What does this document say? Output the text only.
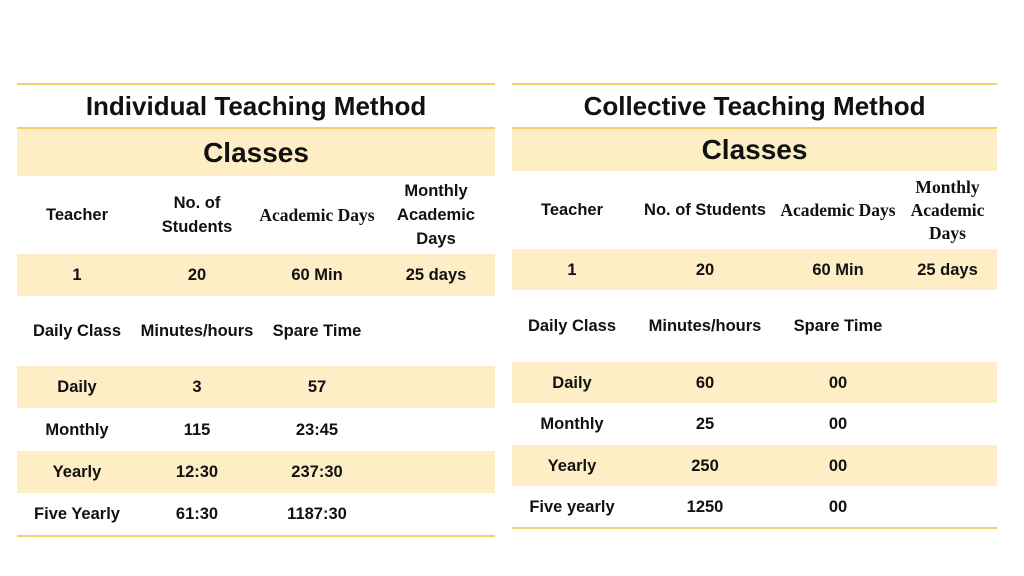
Individual Teaching Method			
Classes			
Teacher	No. of Students	Academic Days	Monthly Academic Days
1	20	60 Min	25 days
Daily Class	Minutes/hours	Spare Time	
Daily	3	57	
Monthly	115	23:45	
Yearly	12:30	237:30	
Five Yearly	61:30	1187:30	
Collective Teaching Method			
Classes			
Teacher	No. of Students	Academic Days	Monthly Academic Days
1	20	60 Min	25 days
Daily Class	Minutes/hours	Spare Time	
Daily	60	00	
Monthly	25	00	
Yearly	250	00	
Five yearly	1250	00	
